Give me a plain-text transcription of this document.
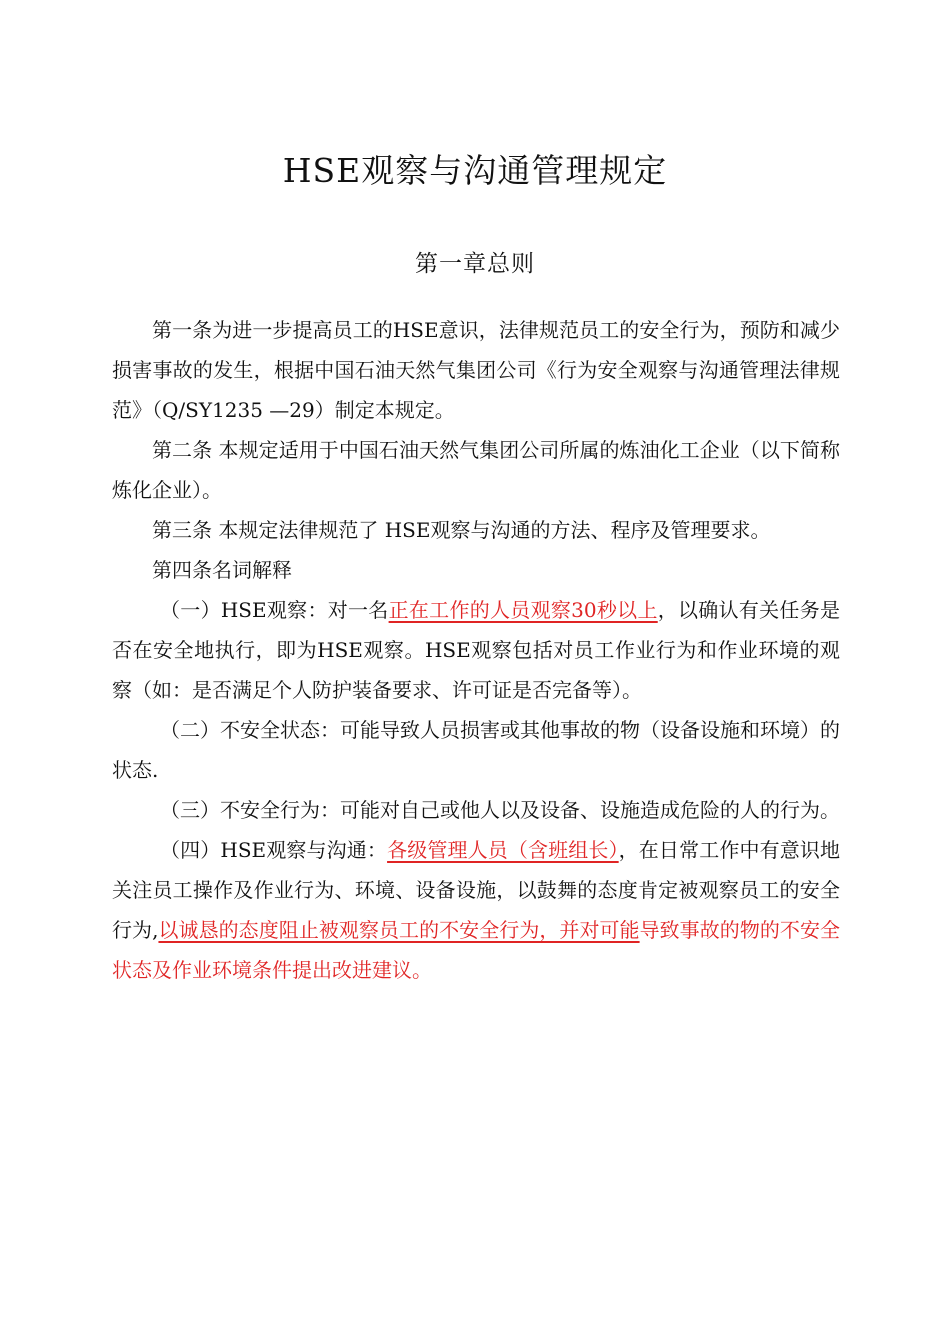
HSE观察与沟通管理规定
第一章总则

第一条为进一步提高员工的HSE意识，法律规范员工的安全行为，预防和减少损害事故的发生，根据中国石油天然气集团公司《行为安全观察与沟通管理法律规范》（Q/SY1235 —29）制定本规定。

第二条 本规定适用于中国石油天然气集团公司所属的炼油化工企业（以下简称炼化企业）。

第三条 本规定法律规范了 HSE观察与沟通的方法、程序及管理要求。

第四条名词解释

（一）HSE观察：对一名正在工作的人员观察30秒以上，以确认有关任务是否在安全地执行，即为HSE观察。HSE观察包括对员工作业行为和作业环境的观察（如：是否满足个人防护装备要求、许可证是否完备等）。

（二）不安全状态：可能导致人员损害或其他事故的物（设备设施和环境）的状态.

（三）不安全行为：可能对自己或他人以及设备、设施造成危险的人的行为。

（四）HSE观察与沟通：各级管理人员（含班组长），在日常工作中有意识地关注员工操作及作业行为、环境、设备设施，以鼓舞的态度肯定被观察员工的安全行为,以诚恳的态度阻止被观察员工的不安全行为，并对可能导致事故的物的不安全状态及作业环境条件提出改进建议。
